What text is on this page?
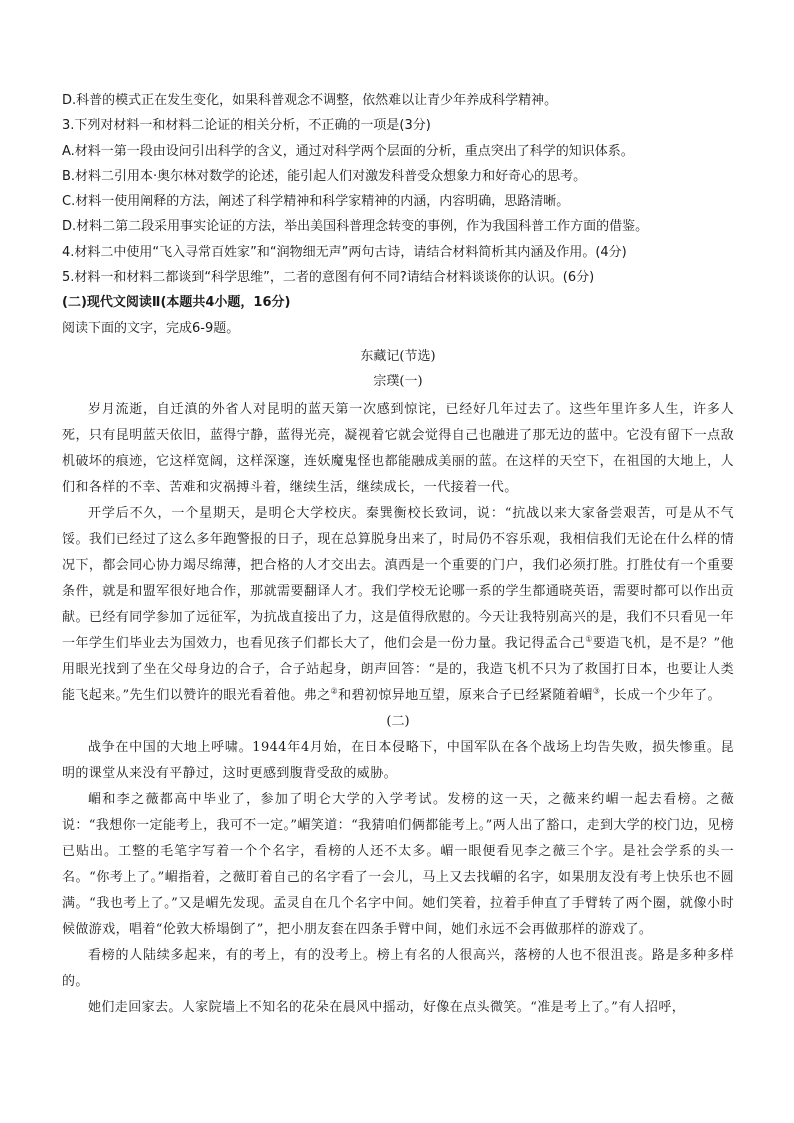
D.科普的模式正在发生变化，如果科普观念不调整，依然难以让青少年养成科学精神。

3.下列对材料一和材料二论证的相关分析，不正确的一项是(3分)

A.材料一第一段由设问引出科学的含义，通过对科学两个层面的分析，重点突出了科学的知识体系。

B.材料二引用本·奥尔林对数学的论述，能引起人们对激发科普受众想象力和好奇心的思考。

C.材料一使用阐释的方法，阐述了科学精神和科学家精神的内涵，内容明确，思路清晰。

D.材料二第二段采用事实论证的方法，举出美国科普理念转变的事例，作为我国科普工作方面的借鉴。

4.材料二中使用“飞入寻常百姓家”和“润物细无声”两句古诗，请结合材料简析其内涵及作用。(4分)

5.材料一和材料二都谈到“科学思维”，二者的意图有何不同?请结合材料谈谈你的认识。(6分)

(二)现代文阅读Ⅱ(本题共4小题，16分)

阅读下面的文字，完成6-9题。

东藏记(节选)

宗璞(一)

岁月流逝，自迁滇的外省人对昆明的蓝天第一次感到惊诧，已经好几年过去了。这些年里许多人生，许多人死，只有昆明蓝天依旧，蓝得宁静，蓝得光亮，凝视着它就会觉得自己也融进了那无边的蓝中。它没有留下一点敌机破坏的痕迹，它这样宽阔，这样深邃，连妖魔鬼怪也都能融成美丽的蓝。在这样的天空下，在祖国的大地上，人们和各样的不幸、苦难和灾祸搏斗着，继续生活，继续成长，一代接着一代。

开学后不久，一个星期天，是明仑大学校庆。秦巽衡校长致词，说：“抗战以来大家备尝艰苦，可是从不气馁。我们已经过了这么多年跑警报的日子，现在总算脱身出来了，时局仍不容乐观，我相信我们无论在什么样的情况下，都会同心协力竭尽绵薄，把合格的人才交出去。滇西是一个重要的门户，我们必须打胜。打胜仗有一个重要条件，就是和盟军很好地合作，那就需要翻译人才。我们学校无论哪一系的学生都通晓英语，需要时都可以作出贡献。已经有同学参加了远征军，为抗战直接出了力，这是值得欣慰的。今天让我特别高兴的是，我们不只看见一年一年学生们毕业去为国效力，也看见孩子们都长大了，他们会是一份力量。我记得孟合己①要造飞机，是不是？”他用眼光找到了坐在父母身边的合子，合子站起身，朗声回答：“是的，我造飞机不只为了救国打日本，也要让人类能飞起来。”先生们以赞许的眼光看着他。弗之②和碧初惊异地互望，原来合子已经紧随着嵋③，长成一个少年了。

(二)

战争在中国的大地上呼啸。1944年4月始，在日本侵略下，中国军队在各个战场上均告失败，损失惨重。昆明的课堂从来没有平静过，这时更感到腹背受敌的威胁。

嵋和李之薇都高中毕业了，参加了明仑大学的入学考试。发榜的这一天，之薇来约嵋一起去看榜。之薇说：“我想你一定能考上，我可不一定。”嵋笑道：“我猜咱们俩都能考上。”两人出了豁口，走到大学的校门边，见榜已贴出。工整的毛笔字写着一个个名字，看榜的人还不太多。嵋一眼便看见李之薇三个字。是社会学系的头一名。“你考上了。”嵋指着，之薇盯着自己的名字看了一会儿，马上又去找嵋的名字，如果朋友没有考上快乐也不圆满。“我也考上了。”又是嵋先发现。孟灵自在几个名字中间。她们笑着，拉着手伸直了手臂转了两个圈，就像小时候做游戏，唱着“伦敦大桥塌倒了”，把小朋友套在四条手臂中间，她们永远不会再做那样的游戏了。

看榜的人陆续多起来，有的考上，有的没考上。榜上有名的人很高兴，落榜的人也不很沮丧。路是多种多样的。

她们走回家去。人家院墙上不知名的花朵在晨风中摇动，好像在点头微笑。“准是考上了。”有人招呼，
